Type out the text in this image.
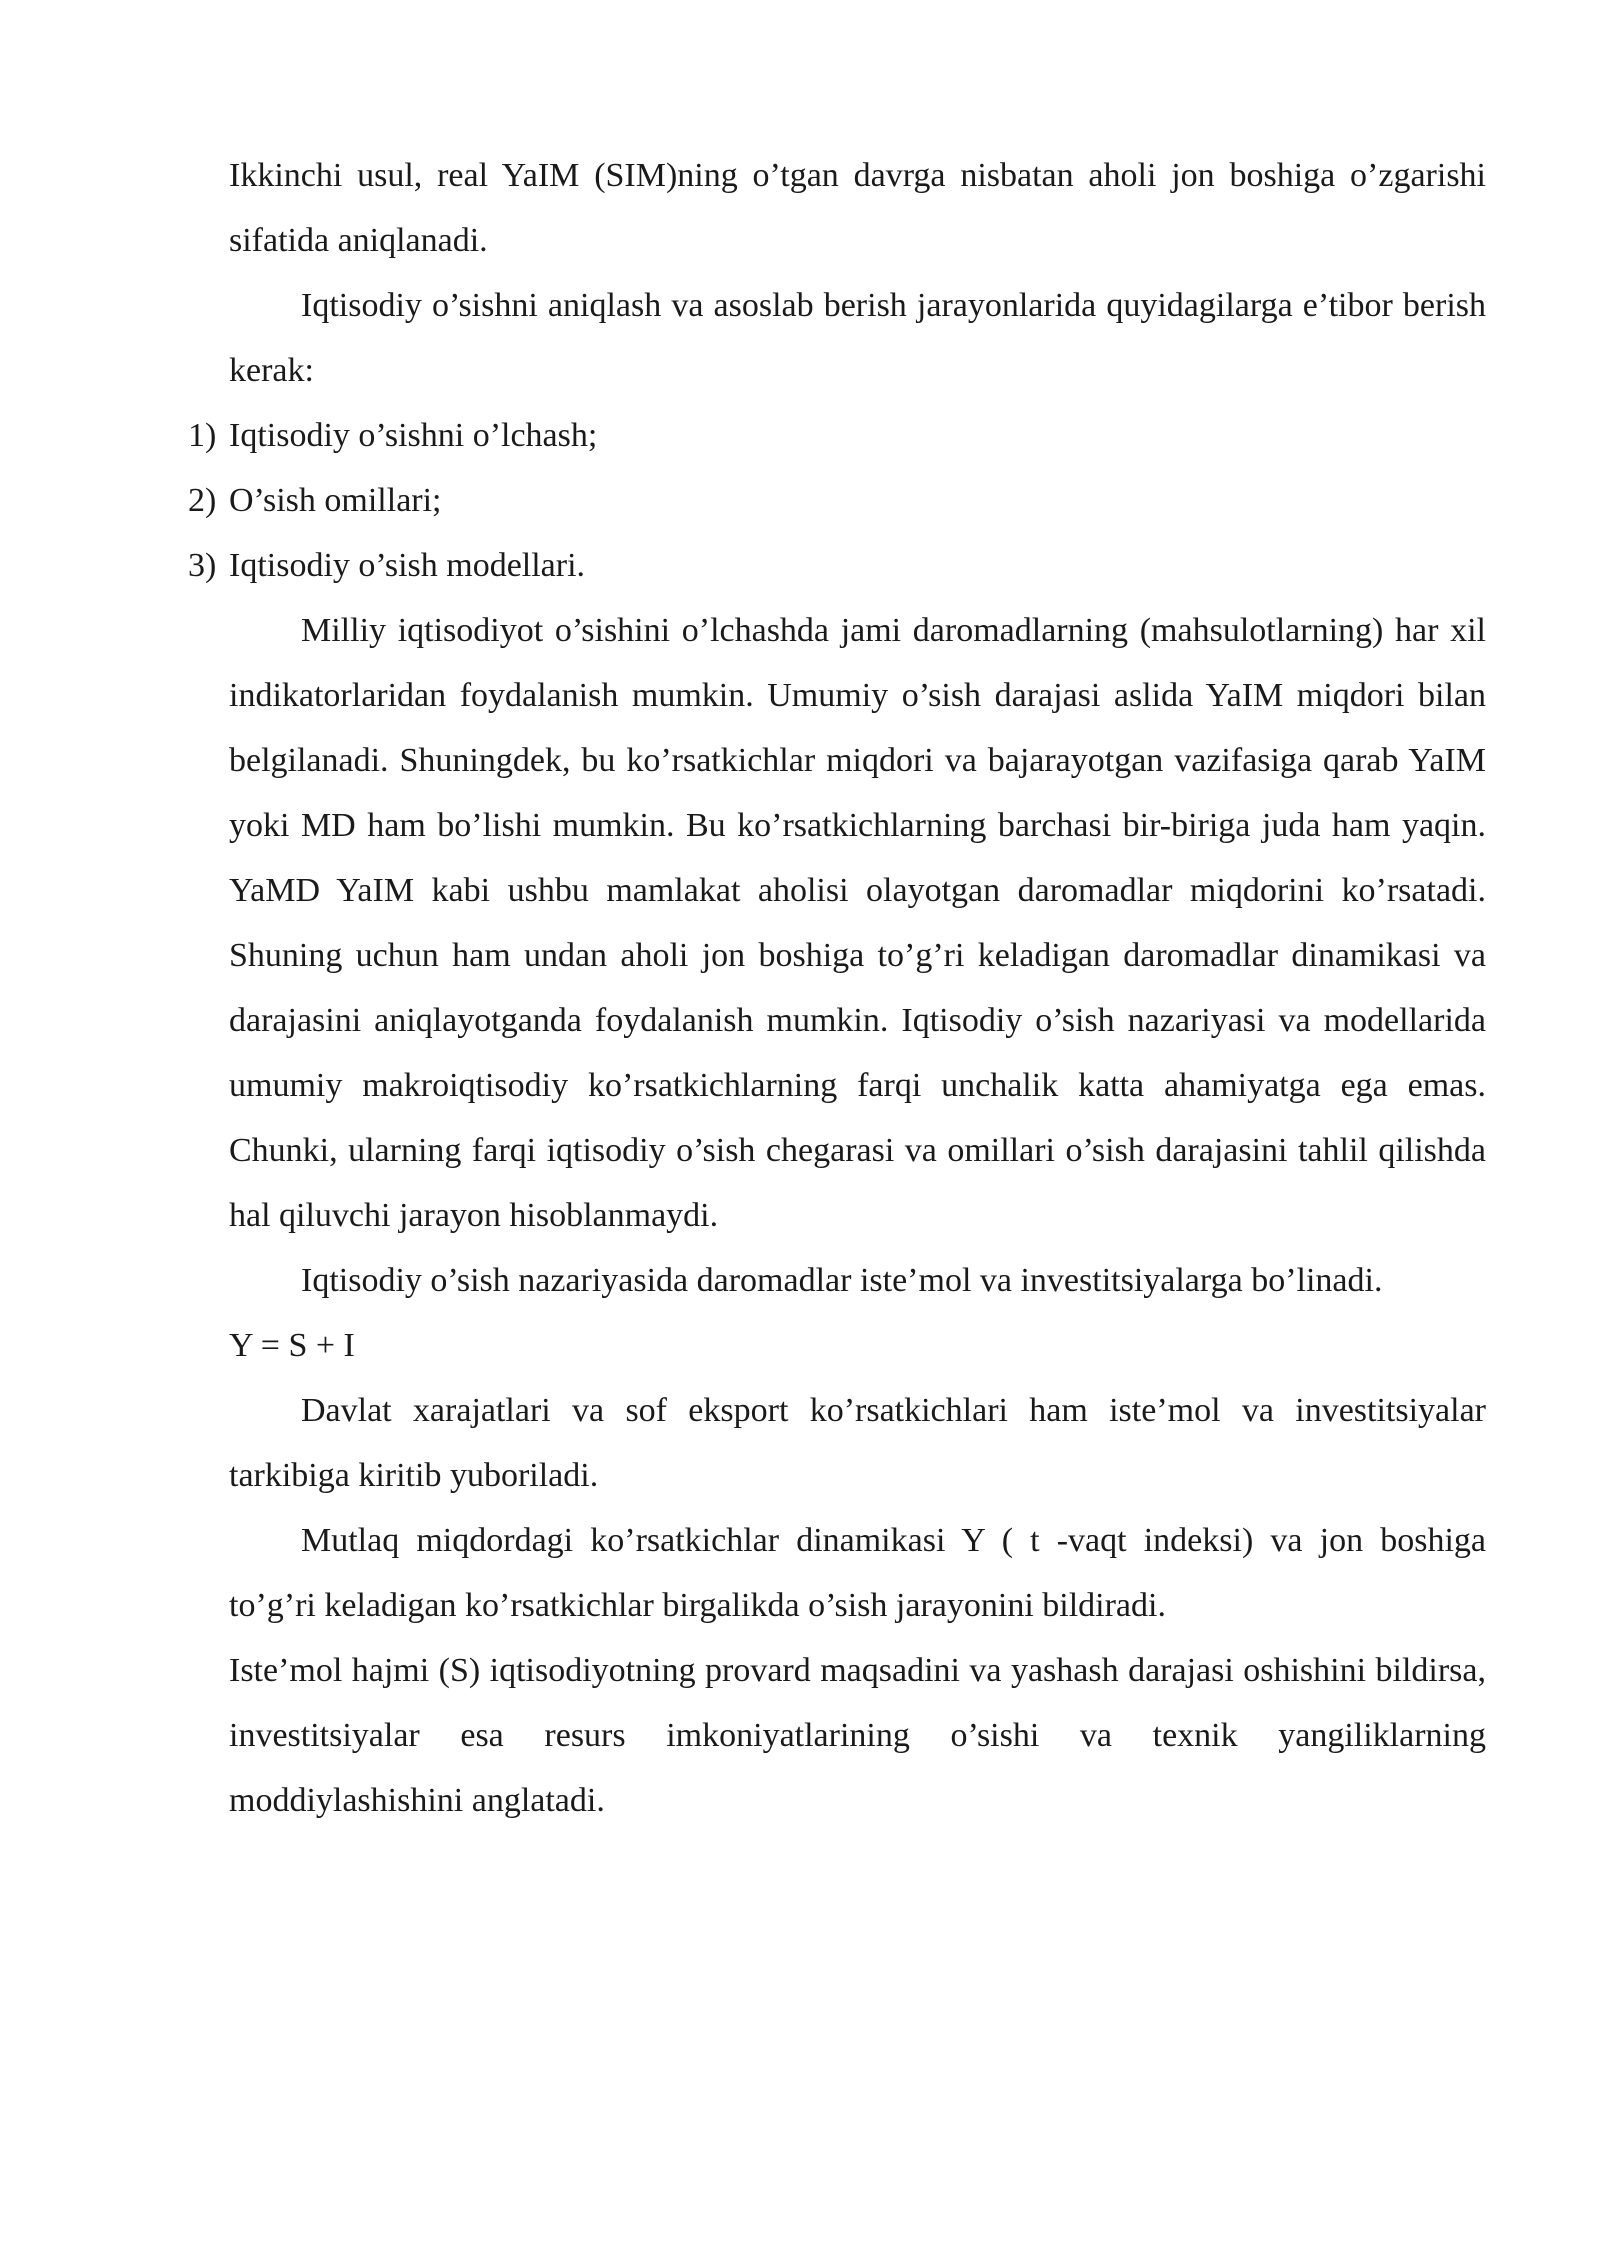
Ikkinchi usul, real YaIM (SIM)ning o’tgan davrga nisbatan aholi jon boshiga o’zgarishi sifatida aniqlanadi.

Iqtisodiy o’sishni aniqlash va asoslab berish jarayonlarida quyidagilarga e’tibor berish kerak:

1) Iqtisodiy o’sishni o’lchash;
2) O’sish omillari;
3) Iqtisodiy o’sish modellari.

Milliy iqtisodiyot o’sishini o’lchashda jami daromadlarning (mahsulotlarning) har xil indikatorlaridan foydalanish mumkin. Umumiy o’sish darajasi aslida YaIM miqdori bilan belgilanadi. Shuningdek, bu ko’rsatkichlar miqdori va bajarayotgan vazifasiga qarab YaIM yoki MD ham bo’lishi mumkin. Bu ko’rsatkichlarning barchasi bir-biriga juda ham yaqin. YaMD YaIM kabi ushbu mamlakat aholisi olayotgan daromadlar miqdorini ko’rsatadi. Shuning uchun ham undan aholi jon boshiga to’g’ri keladigan daromadlar dinamikasi va darajasini aniqlayotganda foydalanish mumkin. Iqtisodiy o’sish nazariyasi va modellarida umumiy makroiqtisodiy ko’rsatkichlarning farqi unchalik katta ahamiyatga ega emas. Chunki, ularning farqi iqtisodiy o’sish chegarasi va omillari o’sish darajasini tahlil qilishda hal qiluvchi jarayon hisoblanmaydi.

Iqtisodiy o’sish nazariyasida daromadlar iste’mol va investitsiyalarga bo’linadi.

Y = S + I

Davlat xarajatlari va sof eksport ko’rsatkichlari ham iste’mol va investitsiyalar tarkibiga kiritib yuboriladi.

Mutlaq miqdordagi ko’rsatkichlar dinamikasi Y ( t -vaqt indeksi) va jon boshiga to’g’ri keladigan ko’rsatkichlar birgalikda o’sish jarayonini bildiradi.

Iste’mol hajmi (S) iqtisodiyotning provard maqsadini va yashash darajasi oshishini bildirsa, investitsiyalar esa resurs imkoniyatlarining o’sishi va texnik yangiliklarning moddiylashishini anglatadi.
